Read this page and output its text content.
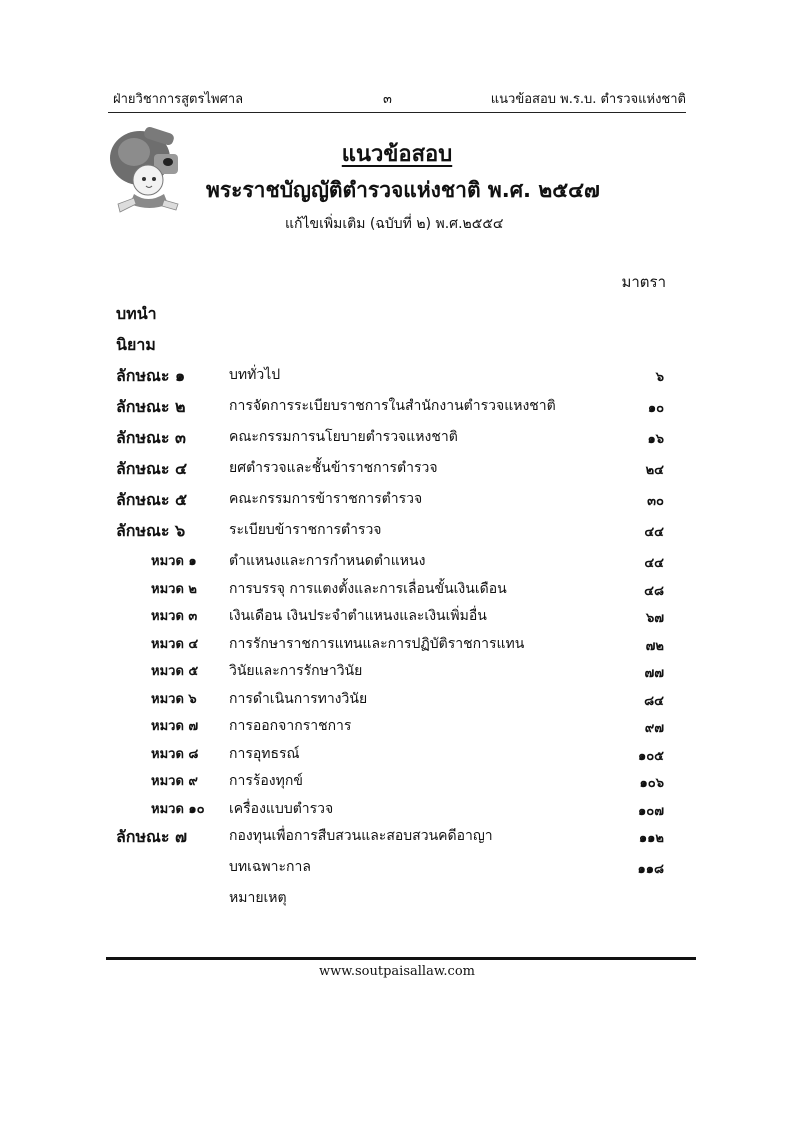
ฝ่ายวิชาการสูตรไพศาล	๓	แนวข้อสอบ พ.ร.บ. ตำรวจแห่งชาติ
แนวข้อสอบ
พระราชบัญญัติตำรวจแห่งชาติ พ.ศ. ๒๕๔๗
แก้ไขเพิ่มเติม (ฉบับที่ ๒) พ.ศ.๒๕๕๔
มาตรา
บทนำ
นิยาม
ลักษณะ ๑	บททั่วไป	๖
ลักษณะ ๒	การจัดการระเบียบราชการในสำนักงานตำรวจแหงชาติ	๑๐
ลักษณะ ๓	คณะกรรมการนโยบายตำรวจแหงชาติ	๑๖
ลักษณะ ๔	ยศตำรวจและชั้นข้าราชการตำรวจ	๒๔
ลักษณะ ๕	คณะกรรมการข้าราชการตำรวจ	๓๐
ลักษณะ ๖	ระเบียบข้าราชการตำรวจ	๔๔
หมวด ๑ ตำแหนงและการกำหนดตำแหนง	๔๔
หมวด ๒ การบรรจุ การแตงตั้งและการเลื่อนขั้นเงินเดือน	๔๘
หมวด ๓ เงินเดือน เงินประจำตำแหนงและเงินเพิ่มอื่น	๖๗
หมวด ๔ การรักษาราชการแทนและการปฏิบัติราชการแทน	๗๒
หมวด ๕ วินัยและการรักษาวินัย	๗๗
หมวด ๖ การดำเนินการทางวินัย	๘๔
หมวด ๗ การออกจากราชการ	๙๗
หมวด ๘ การอุทธรณ์	๑๐๕
หมวด ๙ การร้องทุกข์	๑๐๖
หมวด ๑๐ เครื่องแบบตำรวจ	๑๐๗
ลักษณะ ๗	กองทุนเพื่อการสืบสวนและสอบสวนคดีอาญา	๑๑๒
บทเฉพาะกาล	๑๑๘
หมายเหตุ
www.soutpaisallaw.com
